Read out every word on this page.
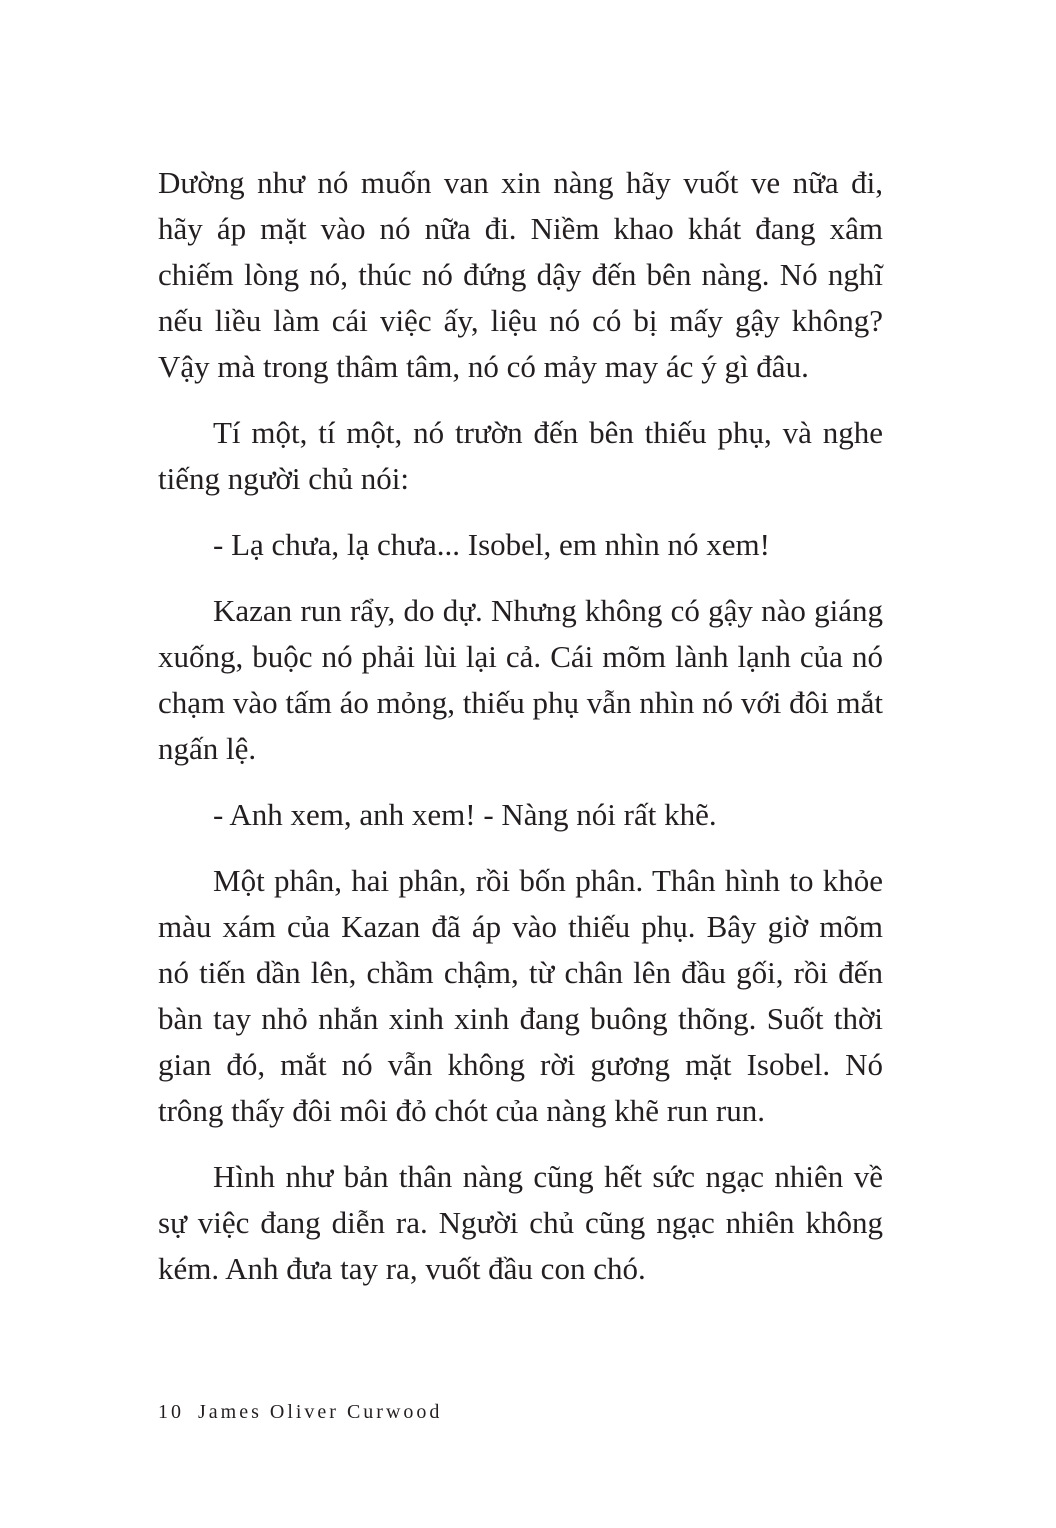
Dường như nó muốn van xin nàng hãy vuốt ve nữa đi, hãy áp mặt vào nó nữa đi. Niềm khao khát đang xâm chiếm lòng nó, thúc nó đứng dậy đến bên nàng. Nó nghĩ nếu liều làm cái việc ấy, liệu nó có bị mấy gậy không? Vậy mà trong thâm tâm, nó có mảy may ác ý gì đâu.

Tí một, tí một, nó trườn đến bên thiếu phụ, và nghe tiếng người chủ nói:

- Lạ chưa, lạ chưa... Isobel, em nhìn nó xem!

Kazan run rẩy, do dự. Nhưng không có gậy nào giáng xuống, buộc nó phải lùi lại cả. Cái mõm lành lạnh của nó chạm vào tấm áo mỏng, thiếu phụ vẫn nhìn nó với đôi mắt ngấn lệ.

- Anh xem, anh xem! - Nàng nói rất khẽ.

Một phân, hai phân, rồi bốn phân. Thân hình to khỏe màu xám của Kazan đã áp vào thiếu phụ. Bây giờ mõm nó tiến dần lên, chầm chậm, từ chân lên đầu gối, rồi đến bàn tay nhỏ nhắn xinh xinh đang buông thõng. Suốt thời gian đó, mắt nó vẫn không rời gương mặt Isobel. Nó trông thấy đôi môi đỏ chót của nàng khẽ run run.

Hình như bản thân nàng cũng hết sức ngạc nhiên về sự việc đang diễn ra. Người chủ cũng ngạc nhiên không kém. Anh đưa tay ra, vuốt đầu con chó.

10 James Oliver Curwood
